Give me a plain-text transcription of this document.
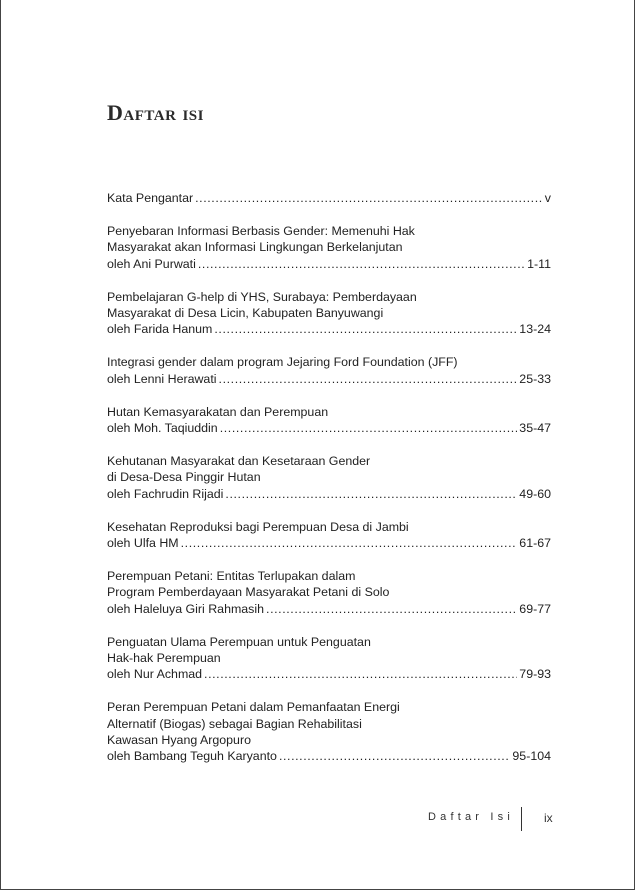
Daftar isi
Kata Pengantar .....	v
Penyebaran Informasi Berbasis Gender: Memenuhi Hak
Masyarakat akan Informasi Lingkungan Berkelanjutan
oleh Ani Purwati .....	1-11
Pembelajaran G-help di YHS, Surabaya: Pemberdayaan
Masyarakat di Desa Licin, Kabupaten Banyuwangi
oleh Farida Hanum .....	13-24
Integrasi gender dalam program Jejaring Ford Foundation (JFF)
oleh Lenni Herawati .....	25-33
Hutan Kemasyarakatan dan Perempuan
oleh Moh. Taqiuddin .....	35-47
Kehutanan Masyarakat dan Kesetaraan Gender
di Desa-Desa Pinggir Hutan
oleh Fachrudin Rijadi .....	49-60
Kesehatan Reproduksi bagi Perempuan Desa di Jambi
oleh Ulfa HM .....	61-67
Perempuan Petani: Entitas Terlupakan dalam
Program Pemberdayaan Masyarakat Petani di Solo
oleh Haleluya Giri Rahmasih .....	69-77
Penguatan Ulama Perempuan untuk Penguatan
Hak-hak Perempuan
oleh Nur Achmad .....	79-93
Peran Perempuan Petani dalam Pemanfaatan Energi
Alternatif (Biogas) sebagai Bagian Rehabilitasi
Kawasan Hyang Argopuro
oleh Bambang Teguh Karyanto .....	95-104
Daftar Isi	ix
